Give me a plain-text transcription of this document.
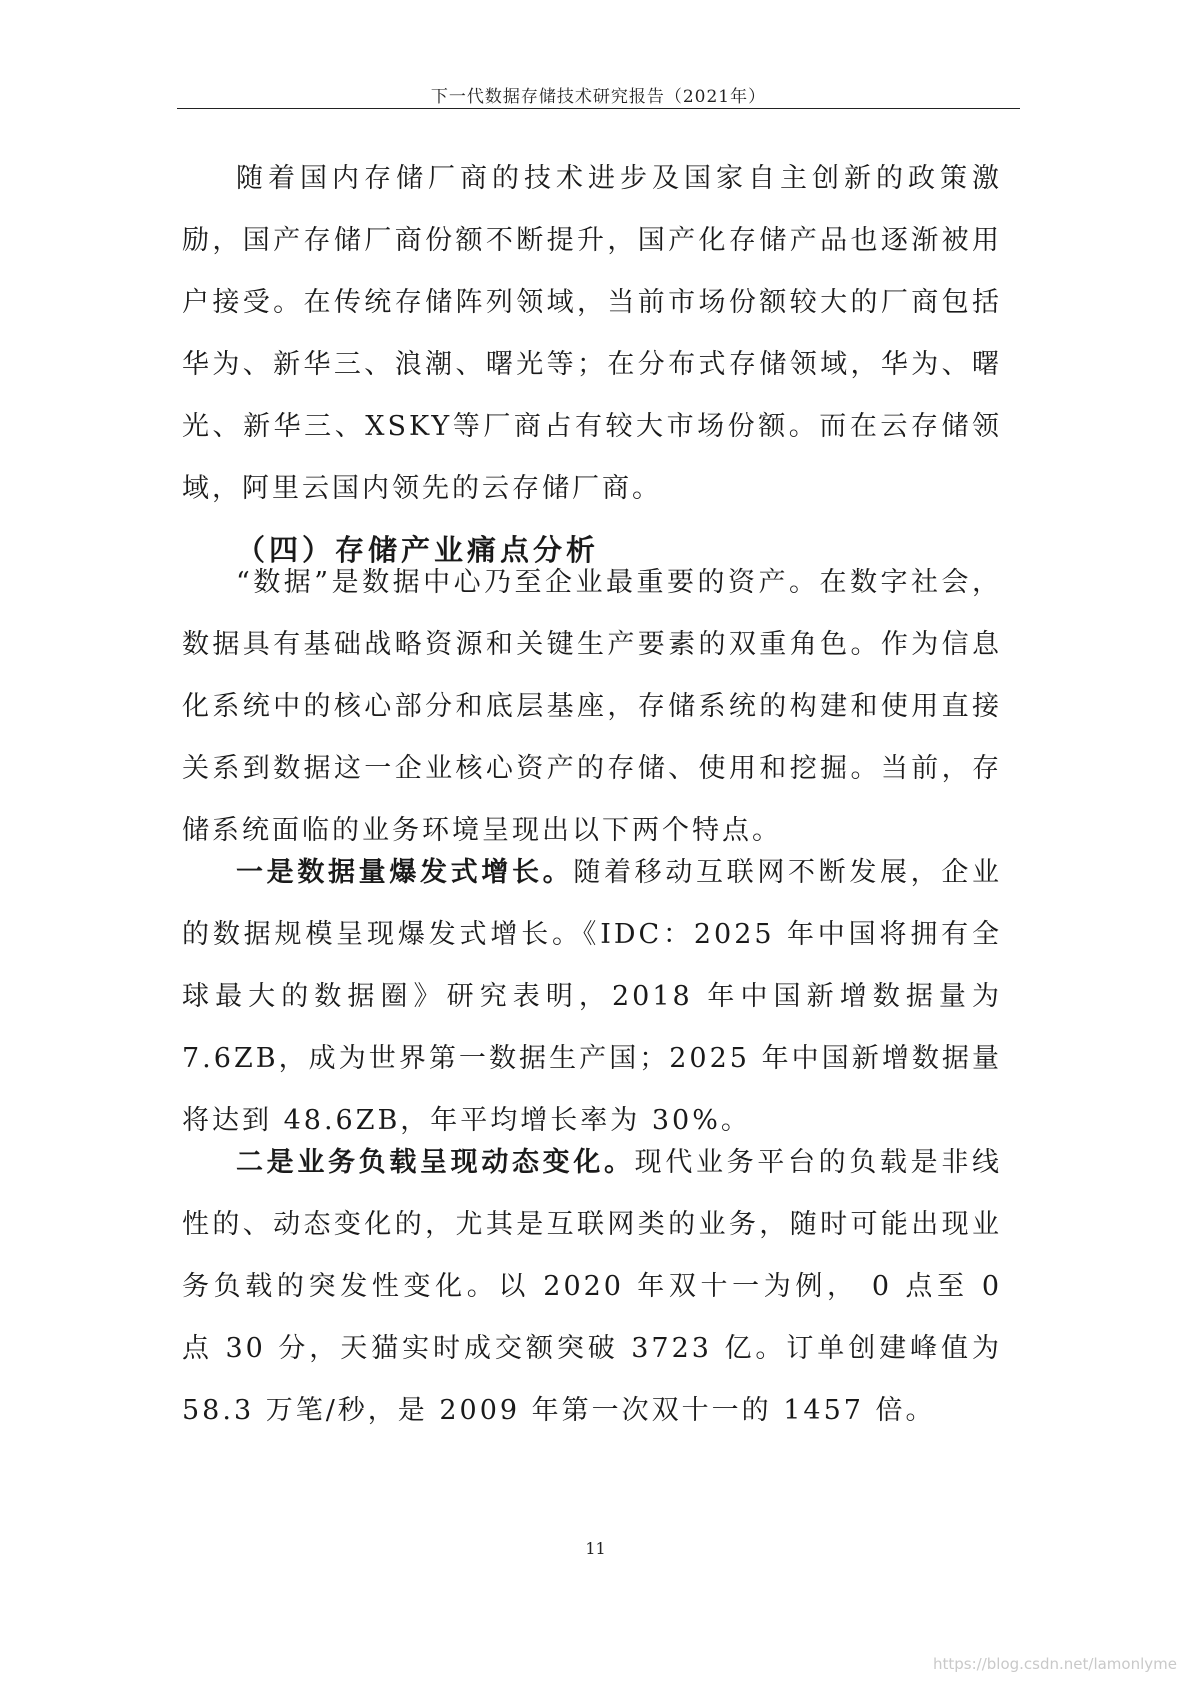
下一代数据存储技术研究报告（2021年）

随着国内存储厂商的技术进步及国家自主创新的政策激励，国产存储厂商份额不断提升，国产化存储产品也逐渐被用户接受。在传统存储阵列领域，当前市场份额较大的厂商包括华为、新华三、浪潮、曙光等；在分布式存储领域，华为、曙光、新华三、XSKY等厂商占有较大市场份额。而在云存储领域，阿里云国内领先的云存储厂商。

（四）存储产业痛点分析

“数据”是数据中心乃至企业最重要的资产。在数字社会，数据具有基础战略资源和关键生产要素的双重角色。作为信息化系统中的核心部分和底层基座，存储系统的构建和使用直接关系到数据这一企业核心资产的存储、使用和挖掘。当前，存储系统面临的业务环境呈现出以下两个特点。

一是数据量爆发式增长。随着移动互联网不断发展，企业的数据规模呈现爆发式增长。《IDC：2025 年中国将拥有全球最大的数据圈》研究表明，2018 年中国新增数据量为 7.6ZB，成为世界第一数据生产国；2025 年中国新增数据量将达到 48.6ZB，年平均增长率为 30%。

二是业务负载呈现动态变化。现代业务平台的负载是非线性的、动态变化的，尤其是互联网类的业务，随时可能出现业务负载的突发性变化。以 2020 年双十一为例， 0 点至 0 点 30 分，天猫实时成交额突破 3723 亿。订单创建峰值为 58.3 万笔/秒，是 2009 年第一次双十一的 1457 倍。

11
https://blog.csdn.net/lamonlyme
